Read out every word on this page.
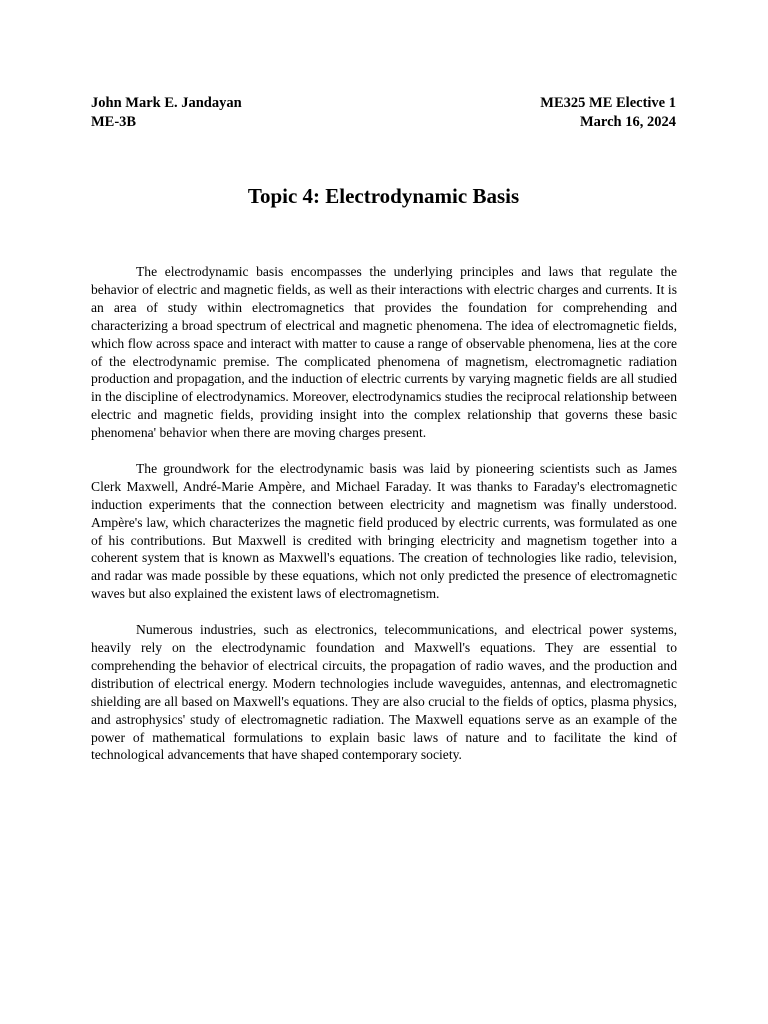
John Mark E. Jandayan	ME325 ME Elective 1
ME-3B	March 16, 2024
Topic 4: Electrodynamic Basis

The electrodynamic basis encompasses the underlying principles and laws that regulate the behavior of electric and magnetic fields, as well as their interactions with electric charges and currents. It is an area of study within electromagnetics that provides the foundation for comprehending and characterizing a broad spectrum of electrical and magnetic phenomena. The idea of electromagnetic fields, which flow across space and interact with matter to cause a range of observable phenomena, lies at the core of the electrodynamic premise. The complicated phenomena of magnetism, electromagnetic radiation production and propagation, and the induction of electric currents by varying magnetic fields are all studied in the discipline of electrodynamics. Moreover, electrodynamics studies the reciprocal relationship between electric and magnetic fields, providing insight into the complex relationship that governs these basic phenomena' behavior when there are moving charges present.

The groundwork for the electrodynamic basis was laid by pioneering scientists such as James Clerk Maxwell, André-Marie Ampère, and Michael Faraday. It was thanks to Faraday's electromagnetic induction experiments that the connection between electricity and magnetism was finally understood. Ampère's law, which characterizes the magnetic field produced by electric currents, was formulated as one of his contributions. But Maxwell is credited with bringing electricity and magnetism together into a coherent system that is known as Maxwell's equations. The creation of technologies like radio, television, and radar was made possible by these equations, which not only predicted the presence of electromagnetic waves but also explained the existent laws of electromagnetism.

Numerous industries, such as electronics, telecommunications, and electrical power systems, heavily rely on the electrodynamic foundation and Maxwell's equations. They are essential to comprehending the behavior of electrical circuits, the propagation of radio waves, and the production and distribution of electrical energy. Modern technologies include waveguides, antennas, and electromagnetic shielding are all based on Maxwell's equations. They are also crucial to the fields of optics, plasma physics, and astrophysics' study of electromagnetic radiation. The Maxwell equations serve as an example of the power of mathematical formulations to explain basic laws of nature and to facilitate the kind of technological advancements that have shaped contemporary society.
